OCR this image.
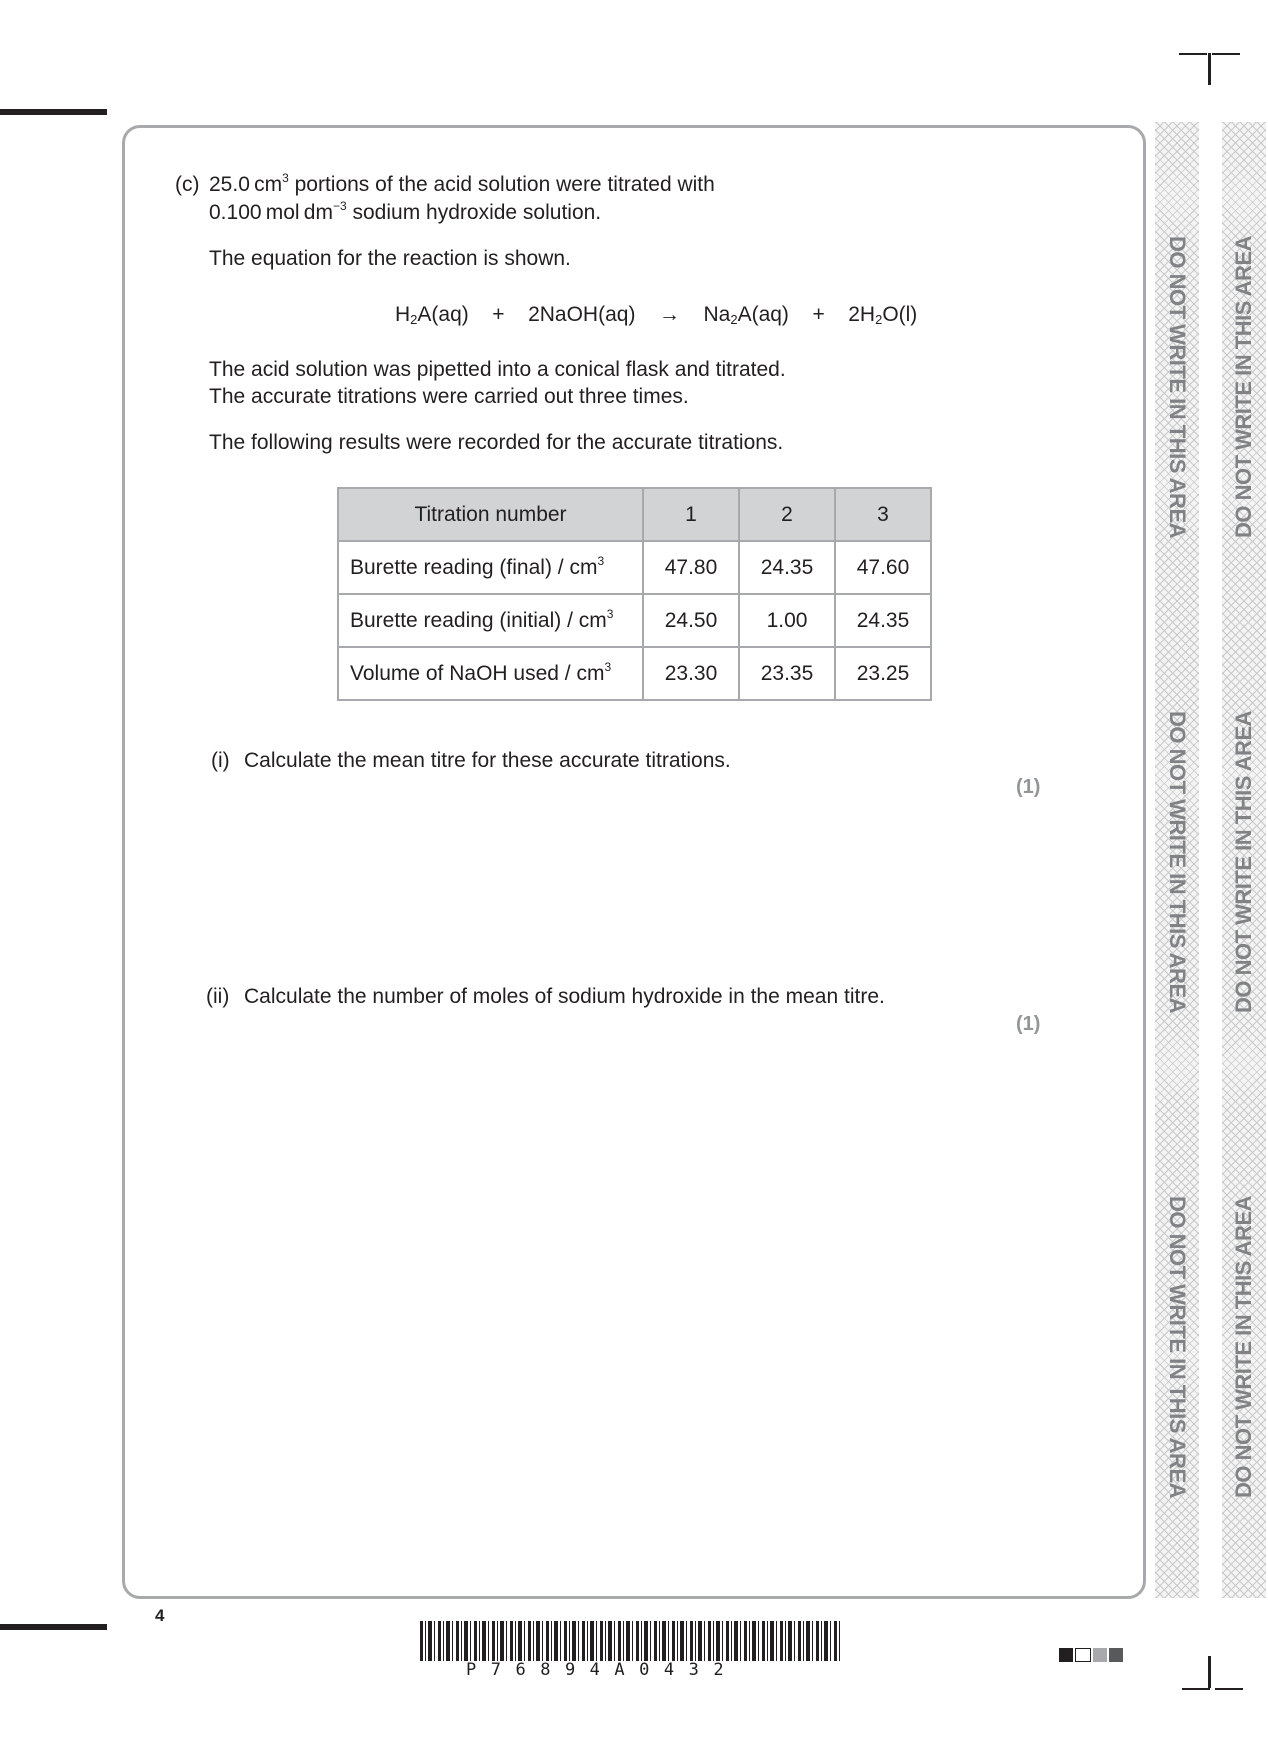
(c) 25.0 $cm^3$ portions of the acid solution were titrated with
0.100 mol $dm^{-3}$ sodium hydroxide solution.
The equation for the reaction is shown.
$H_2A(aq)$ + 2NaOH(aq) → $Na_2A(aq) + 2H_2O(l)$
The acid solution was pipetted into a conical flask and titrated.
The accurate titrations were carried out three times.
The following results were recorded for the accurate titrations.
Titration number	1	2	3
Burette reading (final) / $cm^3$	47.80	24.35	47.60
Burette reading (initial) / $cm^3$	24.50	1.00	24.35
Volume of NaOH used / $cm^3$	23.30	23.35	23.25
(i) Calculate the mean titre for these accurate titrations.
(1)
(ii) Calculate the number of moles of sodium hydroxide in the mean titre.
(1)
DO NOT WRITE IN THIS AREA
DO NOT WRITE IN THIS AREA
DO NOT WRITE IN THIS AREA
DO NOT WRITE IN THIS AREA
DO NOT WRITE IN THIS AREA
DO NOT WRITE IN THIS AREA
4
P76894A0432
